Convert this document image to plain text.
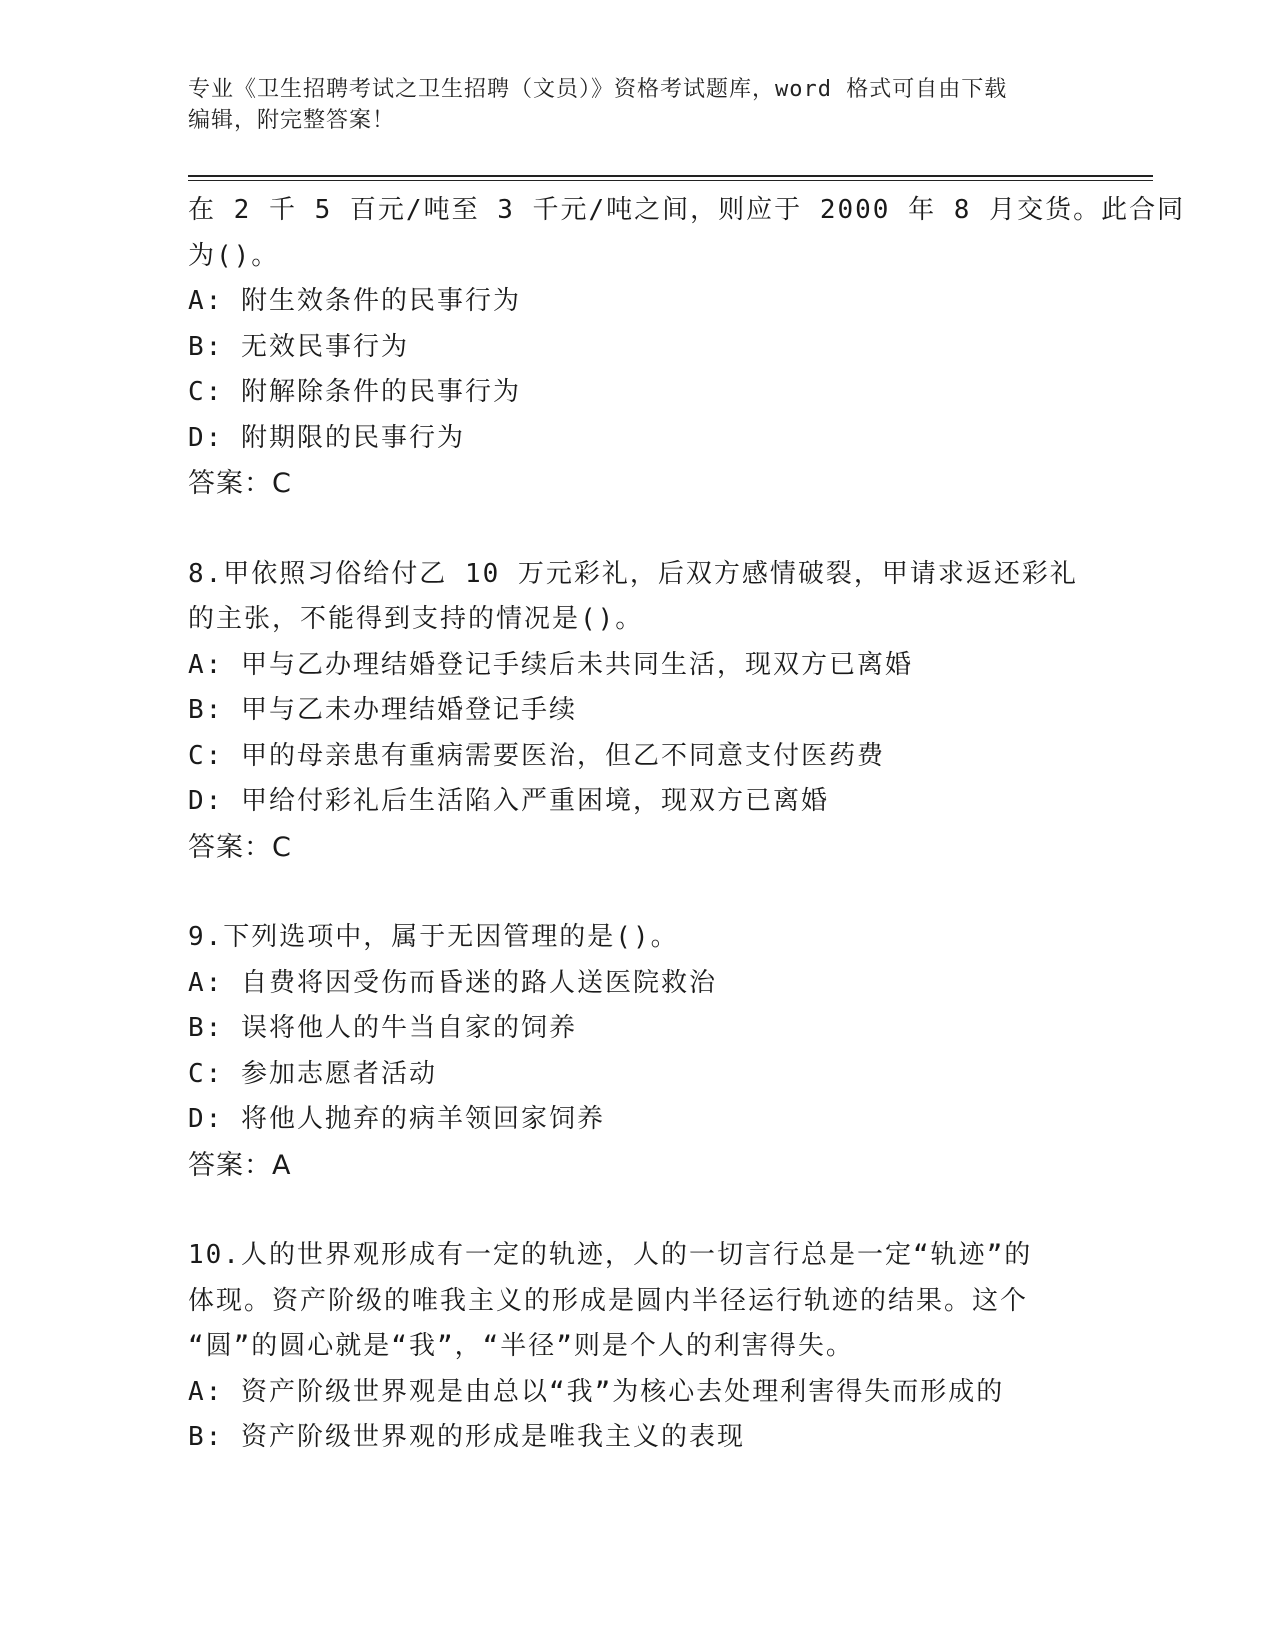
专业《卫生招聘考试之卫生招聘（文员）》资格考试题库，word 格式可自由下载
编辑，附完整答案！
在 2 千 5 百元/吨至 3 千元/吨之间，则应于 2000 年 8 月交货。此合同
为()。
A: 附生效条件的民事行为
B: 无效民事行为
C: 附解除条件的民事行为
D: 附期限的民事行为
答案：C
8.甲依照习俗给付乙 10 万元彩礼，后双方感情破裂，甲请求返还彩礼
的主张，不能得到支持的情况是()。
A: 甲与乙办理结婚登记手续后未共同生活，现双方已离婚
B: 甲与乙未办理结婚登记手续
C: 甲的母亲患有重病需要医治，但乙不同意支付医药费
D: 甲给付彩礼后生活陷入严重困境，现双方已离婚
答案：C
9.下列选项中，属于无因管理的是()。
A: 自费将因受伤而昏迷的路人送医院救治
B: 误将他人的牛当自家的饲养
C: 参加志愿者活动
D: 将他人抛弃的病羊领回家饲养
答案：A
10.人的世界观形成有一定的轨迹，人的一切言行总是一定“轨迹”的
体现。资产阶级的唯我主义的形成是圆内半径运行轨迹的结果。这个
“圆”的圆心就是“我”，“半径”则是个人的利害得失。
A: 资产阶级世界观是由总以“我”为核心去处理利害得失而形成的
B: 资产阶级世界观的形成是唯我主义的表现
